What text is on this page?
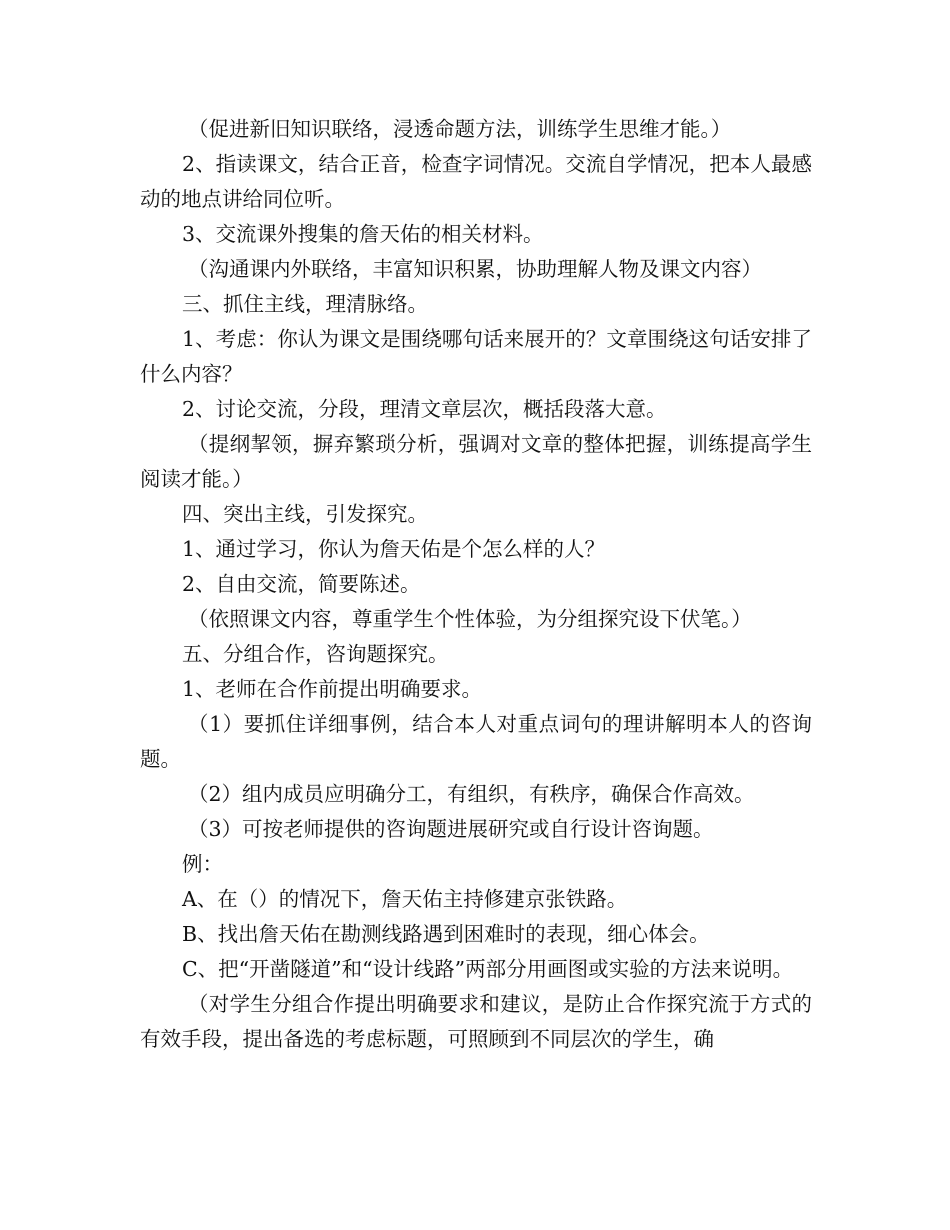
（促进新旧知识联络，浸透命题方法，训练学生思维才能。）

2、指读课文，结合正音，检查字词情况。交流自学情况，把本人最感动的地点讲给同位听。

3、交流课外搜集的詹天佑的相关材料。

（沟通课内外联络，丰富知识积累，协助理解人物及课文内容）

三、抓住主线，理清脉络。

1、考虑：你认为课文是围绕哪句话来展开的？文章围绕这句话安排了什么内容？

2、讨论交流，分段，理清文章层次，概括段落大意。

（提纲挈领，摒弃繁琐分析，强调对文章的整体把握，训练提高学生阅读才能。）

四、突出主线，引发探究。

1、通过学习，你认为詹天佑是个怎么样的人？

2、自由交流，简要陈述。

（依照课文内容，尊重学生个性体验，为分组探究设下伏笔。）

五、分组合作，咨询题探究。

1、老师在合作前提出明确要求。

（1）要抓住详细事例，结合本人对重点词句的理讲解明本人的咨询题。

（2）组内成员应明确分工，有组织，有秩序，确保合作高效。

（3）可按老师提供的咨询题进展研究或自行设计咨询题。

例：

A、在（）的情况下，詹天佑主持修建京张铁路。

B、找出詹天佑在勘测线路遇到困难时的表现，细心体会。

C、把“开凿隧道”和“设计线路”两部分用画图或实验的方法来说明。

（对学生分组合作提出明确要求和建议，是防止合作探究流于方式的有效手段，提出备选的考虑标题，可照顾到不同层次的学生，确
